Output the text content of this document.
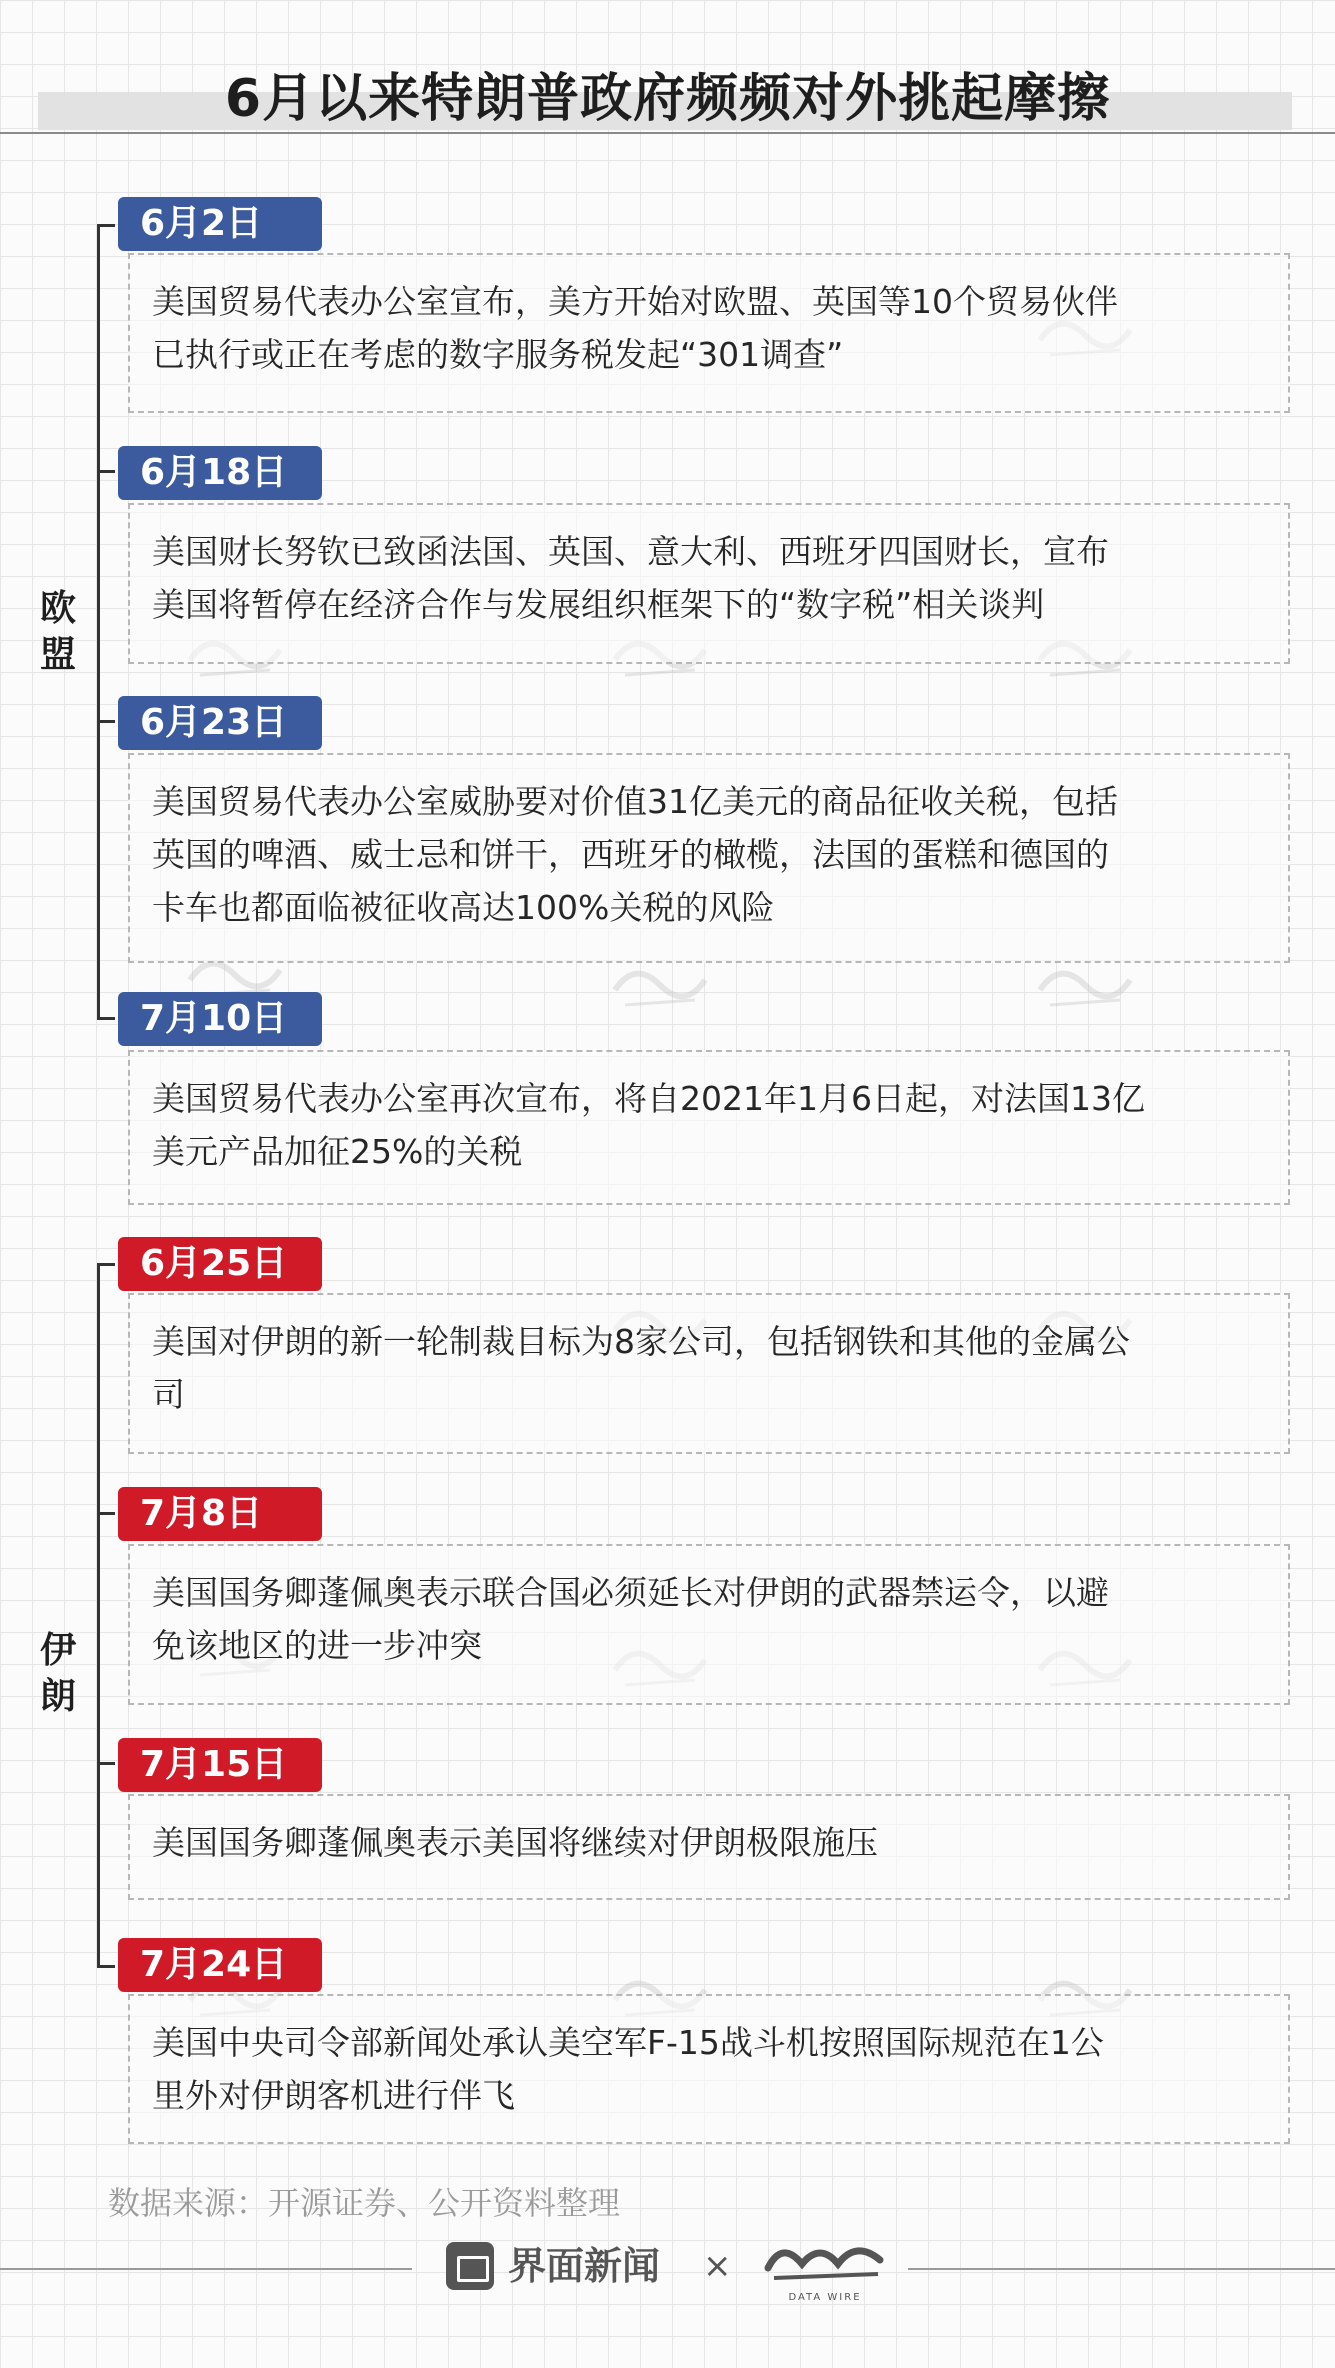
6月以来特朗普政府频频对外挑起摩擦
欧
盟
伊
朗
6月2日
美国贸易代表办公室宣布，美方开始对欧盟、英国等10个贸易伙伴
已执行或正在考虑的数字服务税发起“301调查”
6月18日
美国财长努钦已致函法国、英国、意大利、西班牙四国财长，宣布
美国将暂停在经济合作与发展组织框架下的“数字税”相关谈判
6月23日
美国贸易代表办公室威胁要对价值31亿美元的商品征收关税，包括
英国的啤酒、威士忌和饼干，西班牙的橄榄，法国的蛋糕和德国的
卡车也都面临被征收高达100%关税的风险
7月10日
美国贸易代表办公室再次宣布，将自2021年1月6日起，对法国13亿
美元产品加征25%的关税
6月25日
美国对伊朗的新一轮制裁目标为8家公司，包括钢铁和其他的金属公
司
7月8日
美国国务卿蓬佩奥表示联合国必须延长对伊朗的武器禁运令，以避
免该地区的进一步冲突
7月15日
美国国务卿蓬佩奥表示美国将继续对伊朗极限施压
7月24日
美国中央司令部新闻处承认美空军F-15战斗机按照国际规范在1公
里外对伊朗客机进行伴飞
数据来源：开源证券、公开资料整理
界面新闻 ×
DATA WIRE
